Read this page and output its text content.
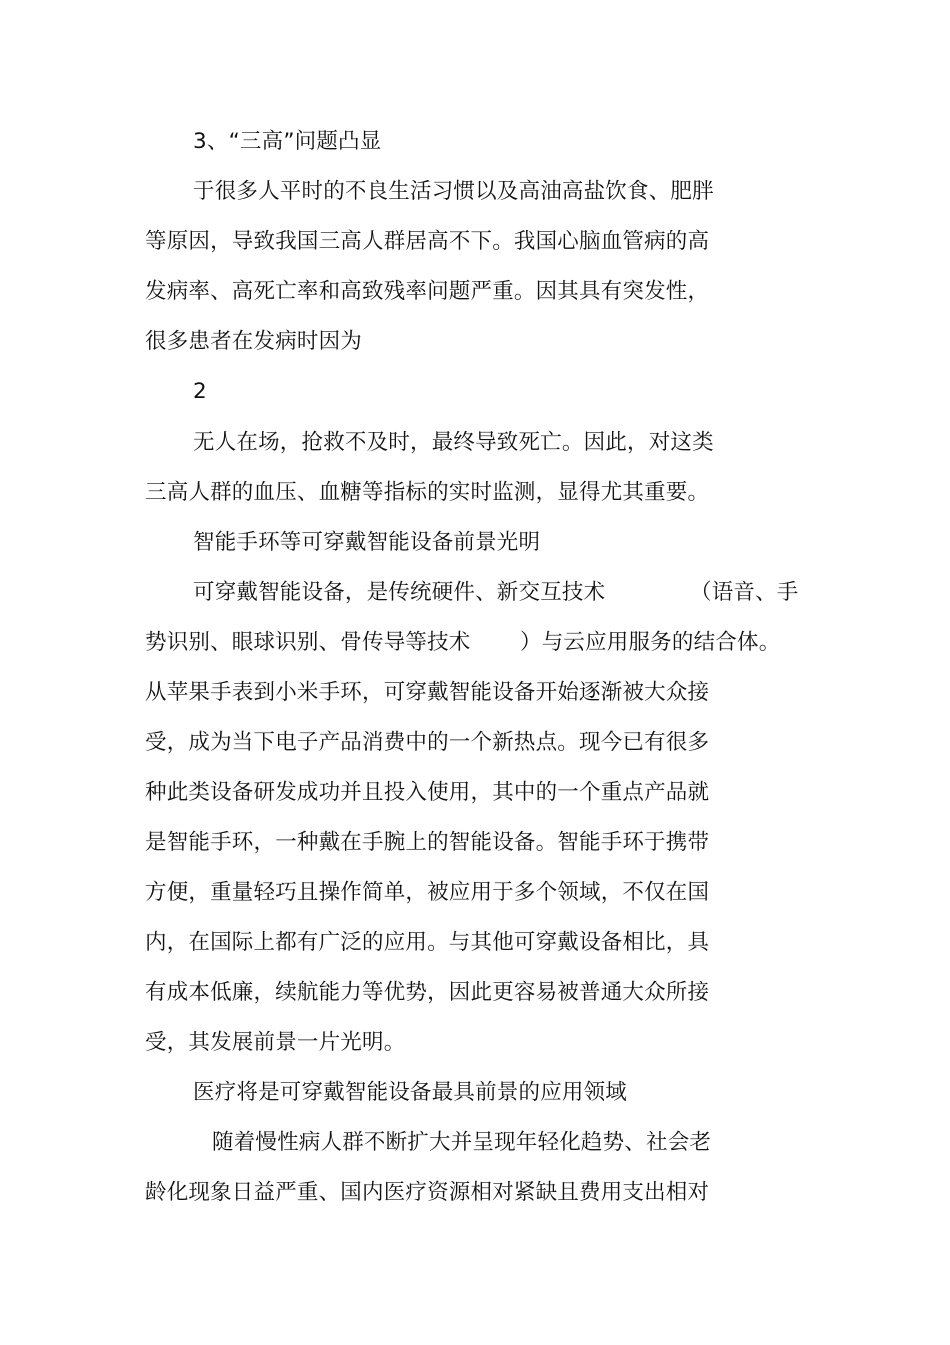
3、“三高”问题凸显
于很多人平时的不良生活习惯以及高油高盐饮食、肥胖
等原因，导致我国三高人群居高不下。我国心脑血管病的高
发病率、高死亡率和高致残率问题严重。因其具有突发性，
很多患者在发病时因为
2
无人在场，抢救不及时，最终导致死亡。因此，对这类
三高人群的血压、血糖等指标的实时监测，显得尤其重要。
智能手环等可穿戴智能设备前景光明
可穿戴智能设备，是传统硬件、新交互技术	（语音、手
势识别、眼球识别、骨传导等技术 ）与云应用服务的结合体。
从苹果手表到小米手环，可穿戴智能设备开始逐渐被大众接
受，成为当下电子产品消费中的一个新热点。现今已有很多
种此类设备研发成功并且投入使用，其中的一个重点产品就
是智能手环，一种戴在手腕上的智能设备。智能手环于携带
方便，重量轻巧且操作简单，被应用于多个领域，不仅在国
内，在国际上都有广泛的应用。与其他可穿戴设备相比，具
有成本低廉，续航能力等优势，因此更容易被普通大众所接
受，其发展前景一片光明。
医疗将是可穿戴智能设备最具前景的应用领域
随着慢性病人群不断扩大并呈现年轻化趋势、社会老
龄化现象日益严重、国内医疗资源相对紧缺且费用支出相对
